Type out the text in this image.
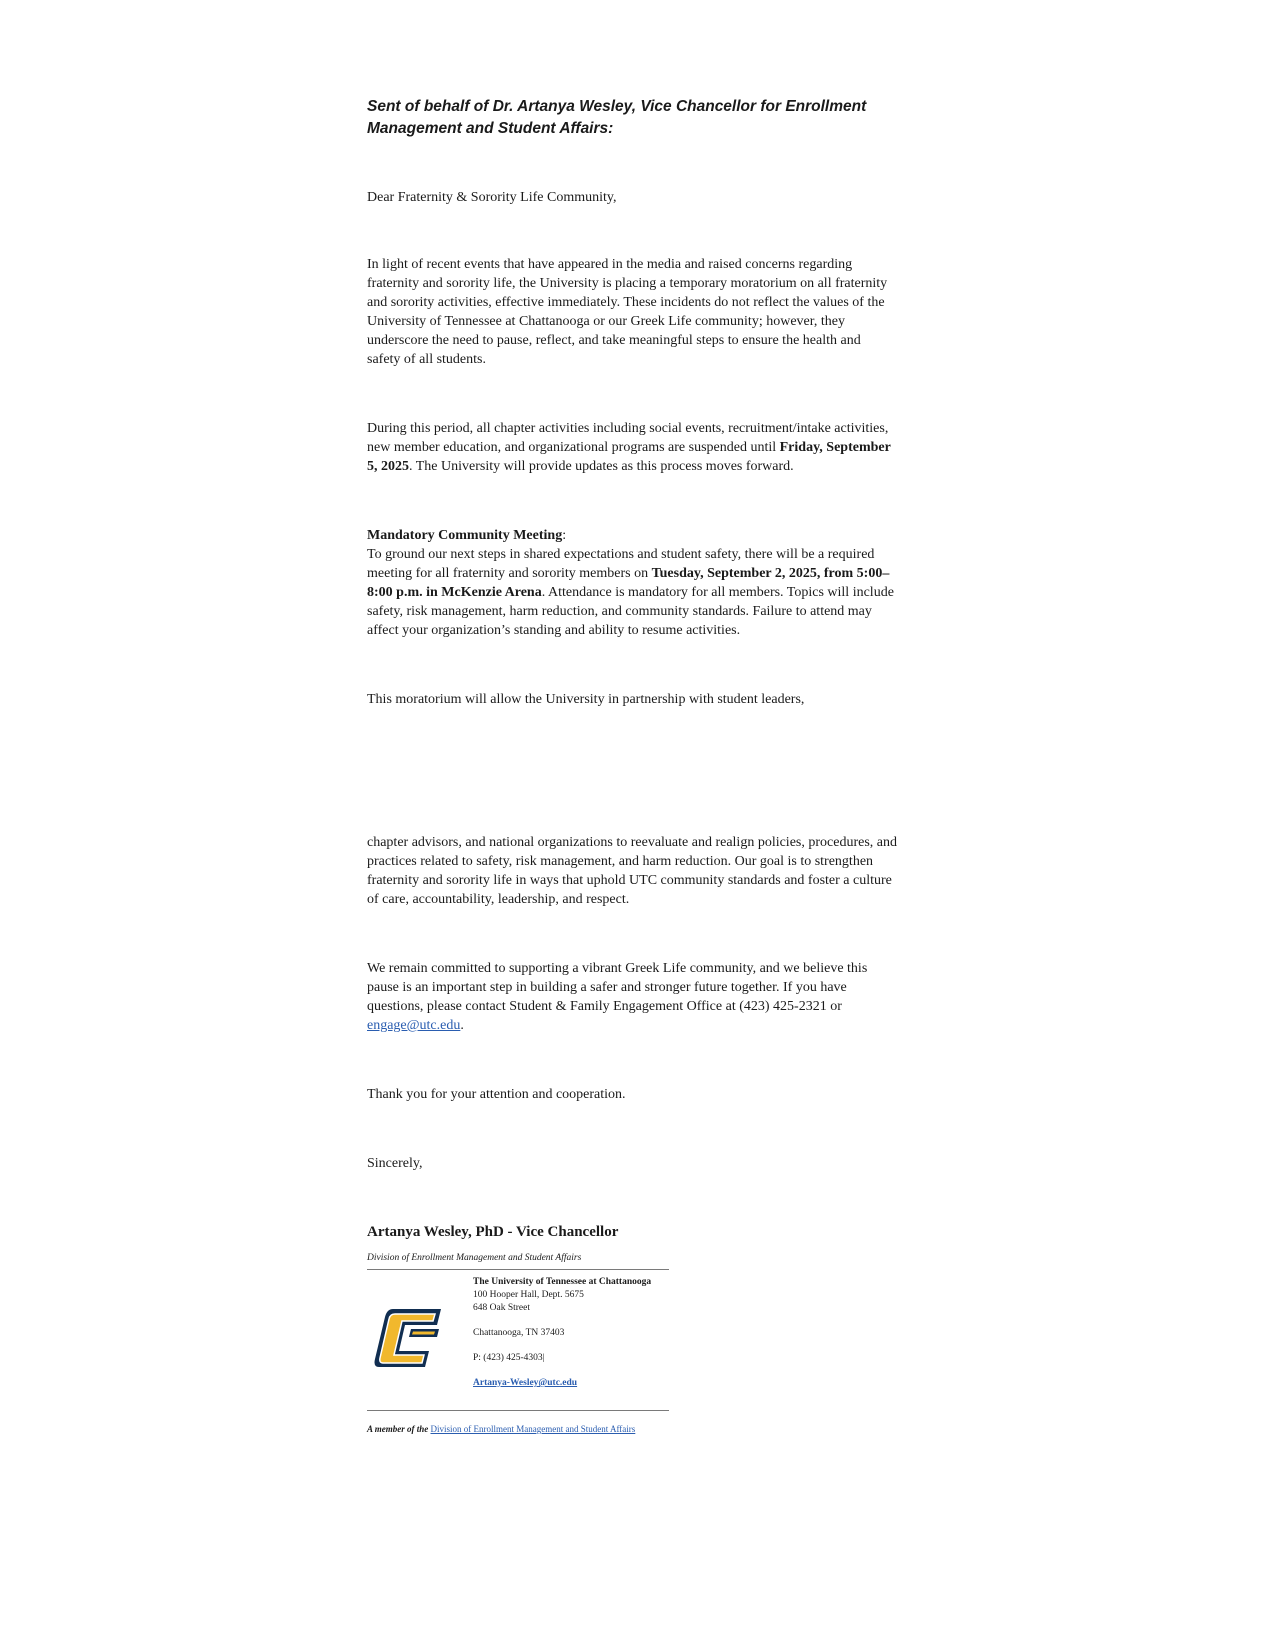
Sent of behalf of Dr. Artanya Wesley, Vice Chancellor for Enrollment Management and Student Affairs:

Dear Fraternity & Sorority Life Community,

In light of recent events that have appeared in the media and raised concerns regarding fraternity and sorority life, the University is placing a temporary moratorium on all fraternity and sorority activities, effective immediately. These incidents do not reflect the values of the University of Tennessee at Chattanooga or our Greek Life community; however, they underscore the need to pause, reflect, and take meaningful steps to ensure the health and safety of all students.

During this period, all chapter activities including social events, recruitment/intake activities, new member education, and organizational programs are suspended until Friday, September 5, 2025. The University will provide updates as this process moves forward.

Mandatory Community Meeting:
To ground our next steps in shared expectations and student safety, there will be a required meeting for all fraternity and sorority members on Tuesday, September 2, 2025, from 5:00–8:00 p.m. in McKenzie Arena. Attendance is mandatory for all members. Topics will include safety, risk management, harm reduction, and community standards. Failure to attend may affect your organization’s standing and ability to resume activities.

This moratorium will allow the University in partnership with student leaders,

chapter advisors, and national organizations to reevaluate and realign policies, procedures, and practices related to safety, risk management, and harm reduction. Our goal is to strengthen fraternity and sorority life in ways that uphold UTC community standards and foster a culture of care, accountability, leadership, and respect.

We remain committed to supporting a vibrant Greek Life community, and we believe this pause is an important step in building a safer and stronger future together. If you have questions, please contact Student & Family Engagement Office at (423) 425-2321 or engage@utc.edu.

Thank you for your attention and cooperation.

Sincerely,

Artanya Wesley, PhD - Vice Chancellor

Division of Enrollment Management and Student Affairs
The University of Tennessee at Chattanooga
100 Hooper Hall, Dept. 5675
648 Oak Street
Chattanooga, TN 37403
P: (423) 425-4303|
Artanya-Wesley@utc.edu
A member of the Division of Enrollment Management and Student Affairs
